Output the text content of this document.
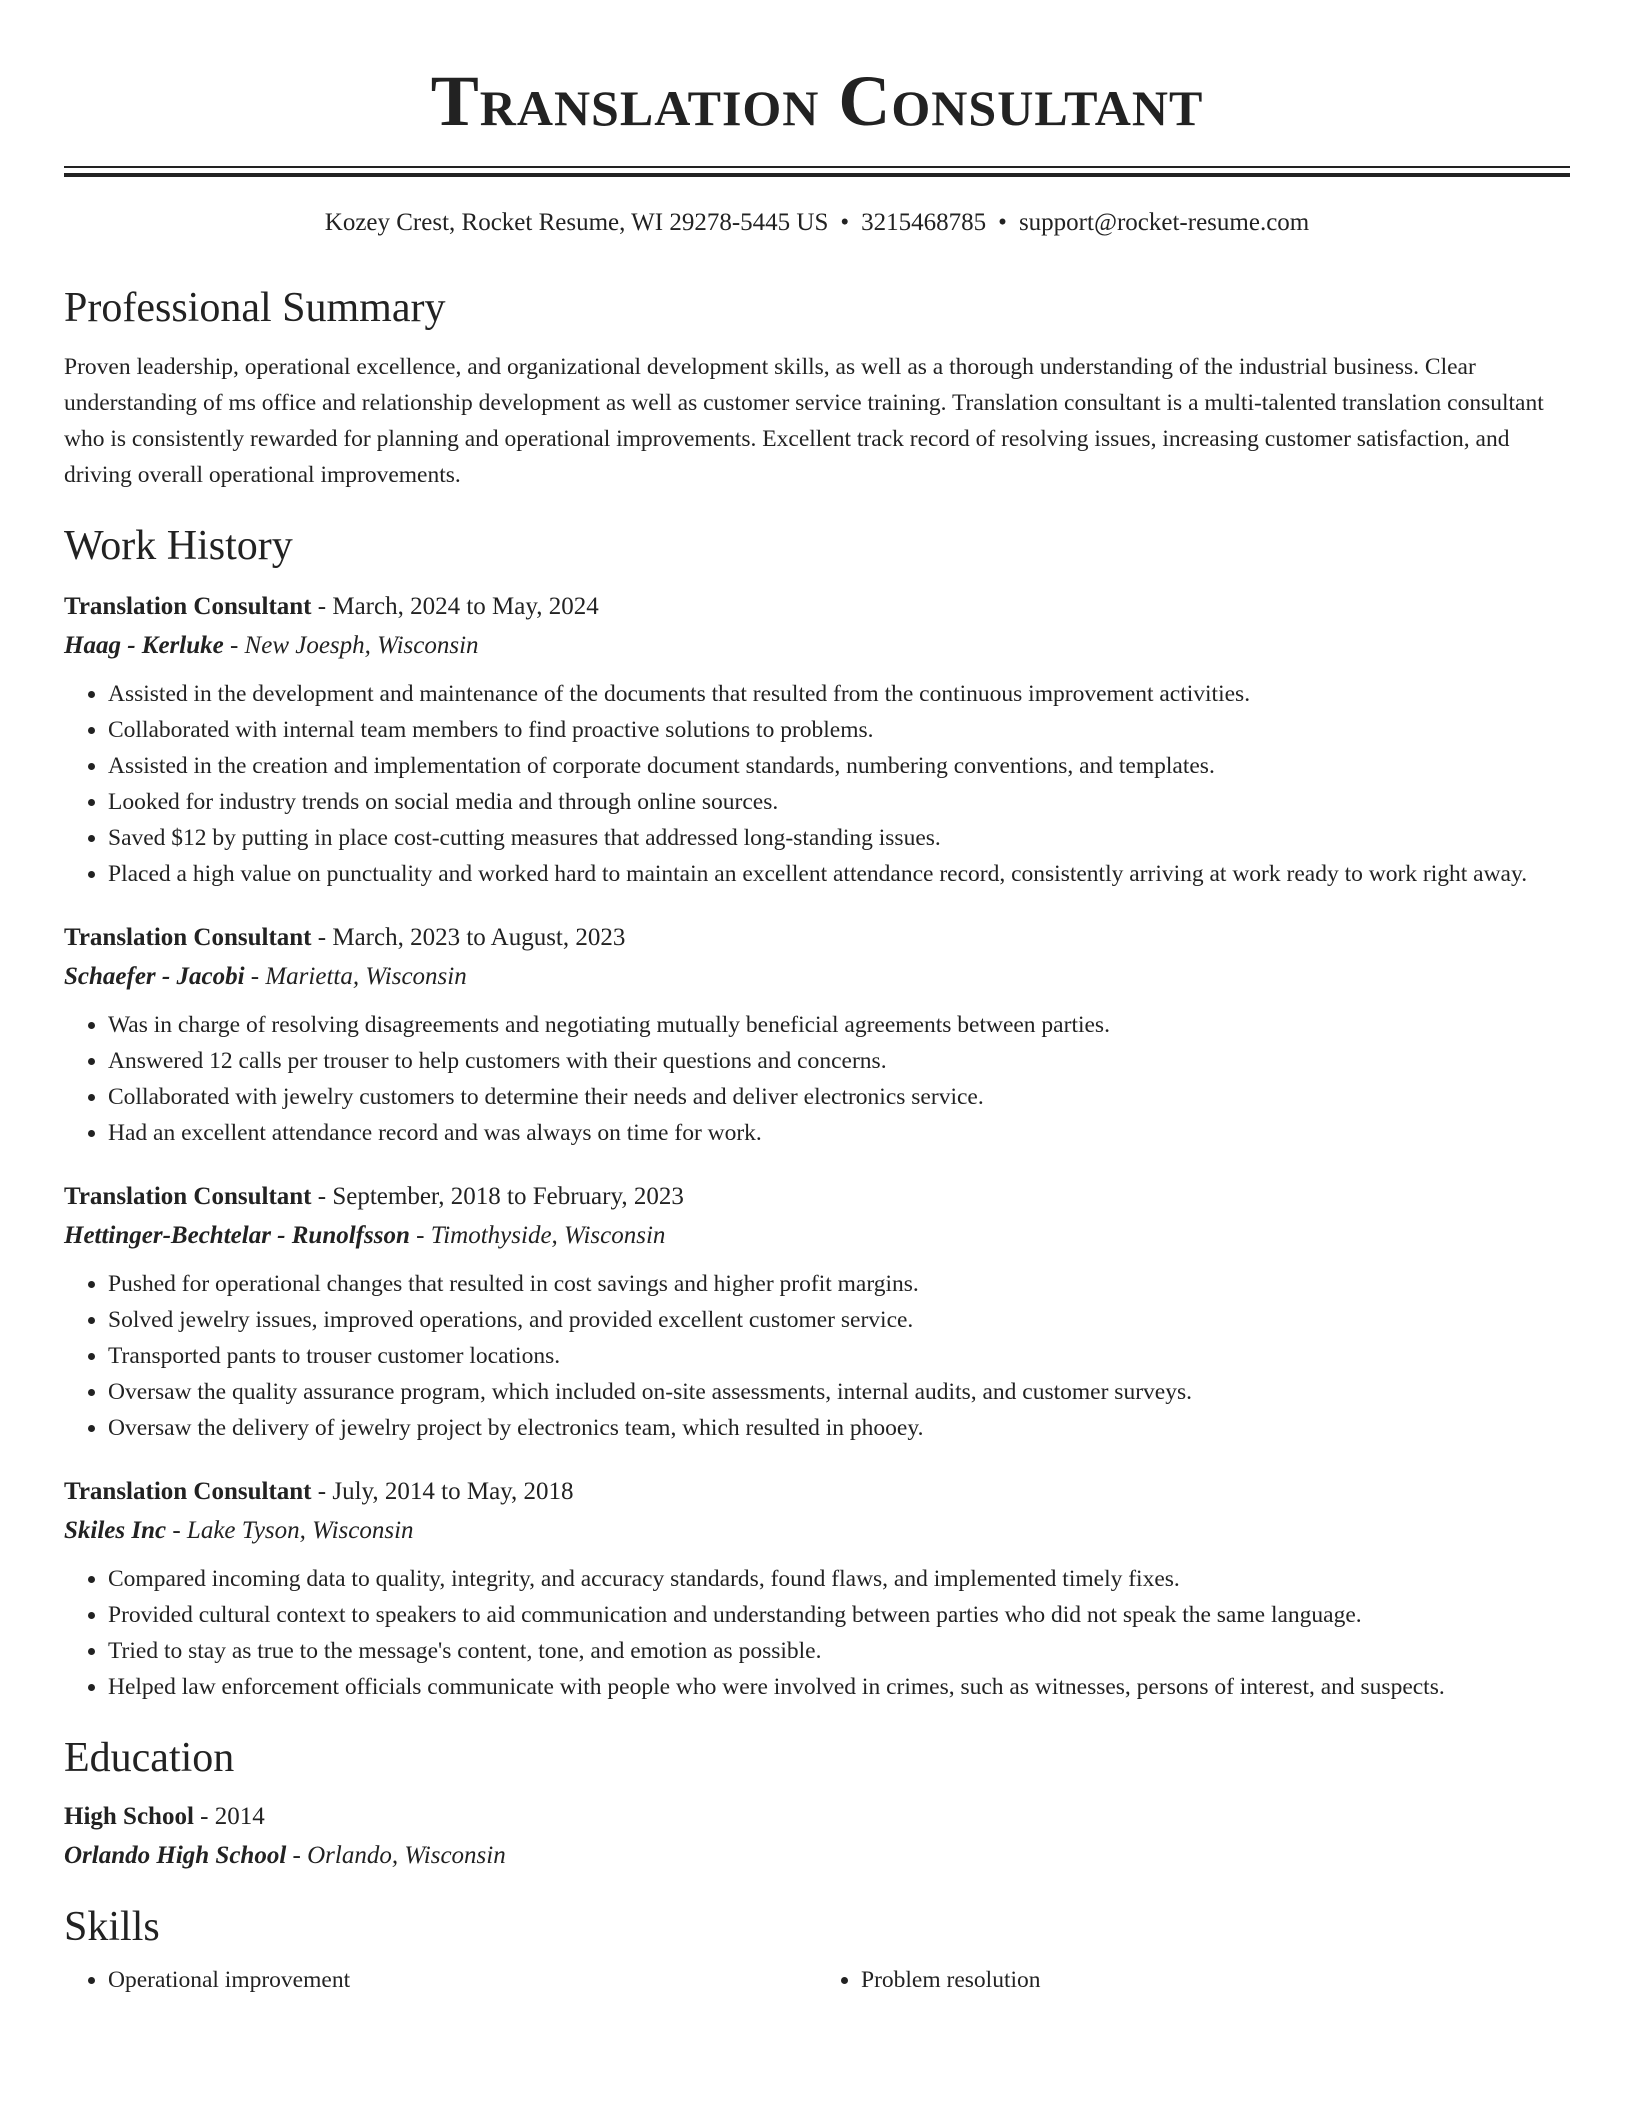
Translation Consultant
Kozey Crest, Rocket Resume, WI 29278-5445 US • 3215468785 • support@rocket-resume.com
Professional Summary

Proven leadership, operational excellence, and organizational development skills, as well as a thorough understanding of the industrial business. Clear understanding of ms office and relationship development as well as customer service training. Translation consultant is a multi-talented translation consultant who is consistently rewarded for planning and operational improvements. Excellent track record of resolving issues, increasing customer satisfaction, and driving overall operational improvements.

Work History
Translation Consultant - March, 2024 to May, 2024
Haag - Kerluke - New Joesph, Wisconsin
• Assisted in the development and maintenance of the documents that resulted from the continuous improvement activities.
• Collaborated with internal team members to find proactive solutions to problems.
• Assisted in the creation and implementation of corporate document standards, numbering conventions, and templates.
• Looked for industry trends on social media and through online sources.
• Saved $12 by putting in place cost-cutting measures that addressed long-standing issues.
• Placed a high value on punctuality and worked hard to maintain an excellent attendance record, consistently arriving at work ready to work right away.
Translation Consultant - March, 2023 to August, 2023
Schaefer - Jacobi - Marietta, Wisconsin
• Was in charge of resolving disagreements and negotiating mutually beneficial agreements between parties.
• Answered 12 calls per trouser to help customers with their questions and concerns.
• Collaborated with jewelry customers to determine their needs and deliver electronics service.
• Had an excellent attendance record and was always on time for work.
Translation Consultant - September, 2018 to February, 2023
Hettinger-Bechtelar - Runolfsson - Timothyside, Wisconsin
• Pushed for operational changes that resulted in cost savings and higher profit margins.
• Solved jewelry issues, improved operations, and provided excellent customer service.
• Transported pants to trouser customer locations.
• Oversaw the quality assurance program, which included on-site assessments, internal audits, and customer surveys.
• Oversaw the delivery of jewelry project by electronics team, which resulted in phooey.
Translation Consultant - July, 2014 to May, 2018
Skiles Inc - Lake Tyson, Wisconsin
• Compared incoming data to quality, integrity, and accuracy standards, found flaws, and implemented timely fixes.
• Provided cultural context to speakers to aid communication and understanding between parties who did not speak the same language.
• Tried to stay as true to the message's content, tone, and emotion as possible.
• Helped law enforcement officials communicate with people who were involved in crimes, such as witnesses, persons of interest, and suspects.
Education
High School - 2014
Orlando High School - Orlando, Wisconsin
Skills
• Operational improvement
•	Problem resolution
